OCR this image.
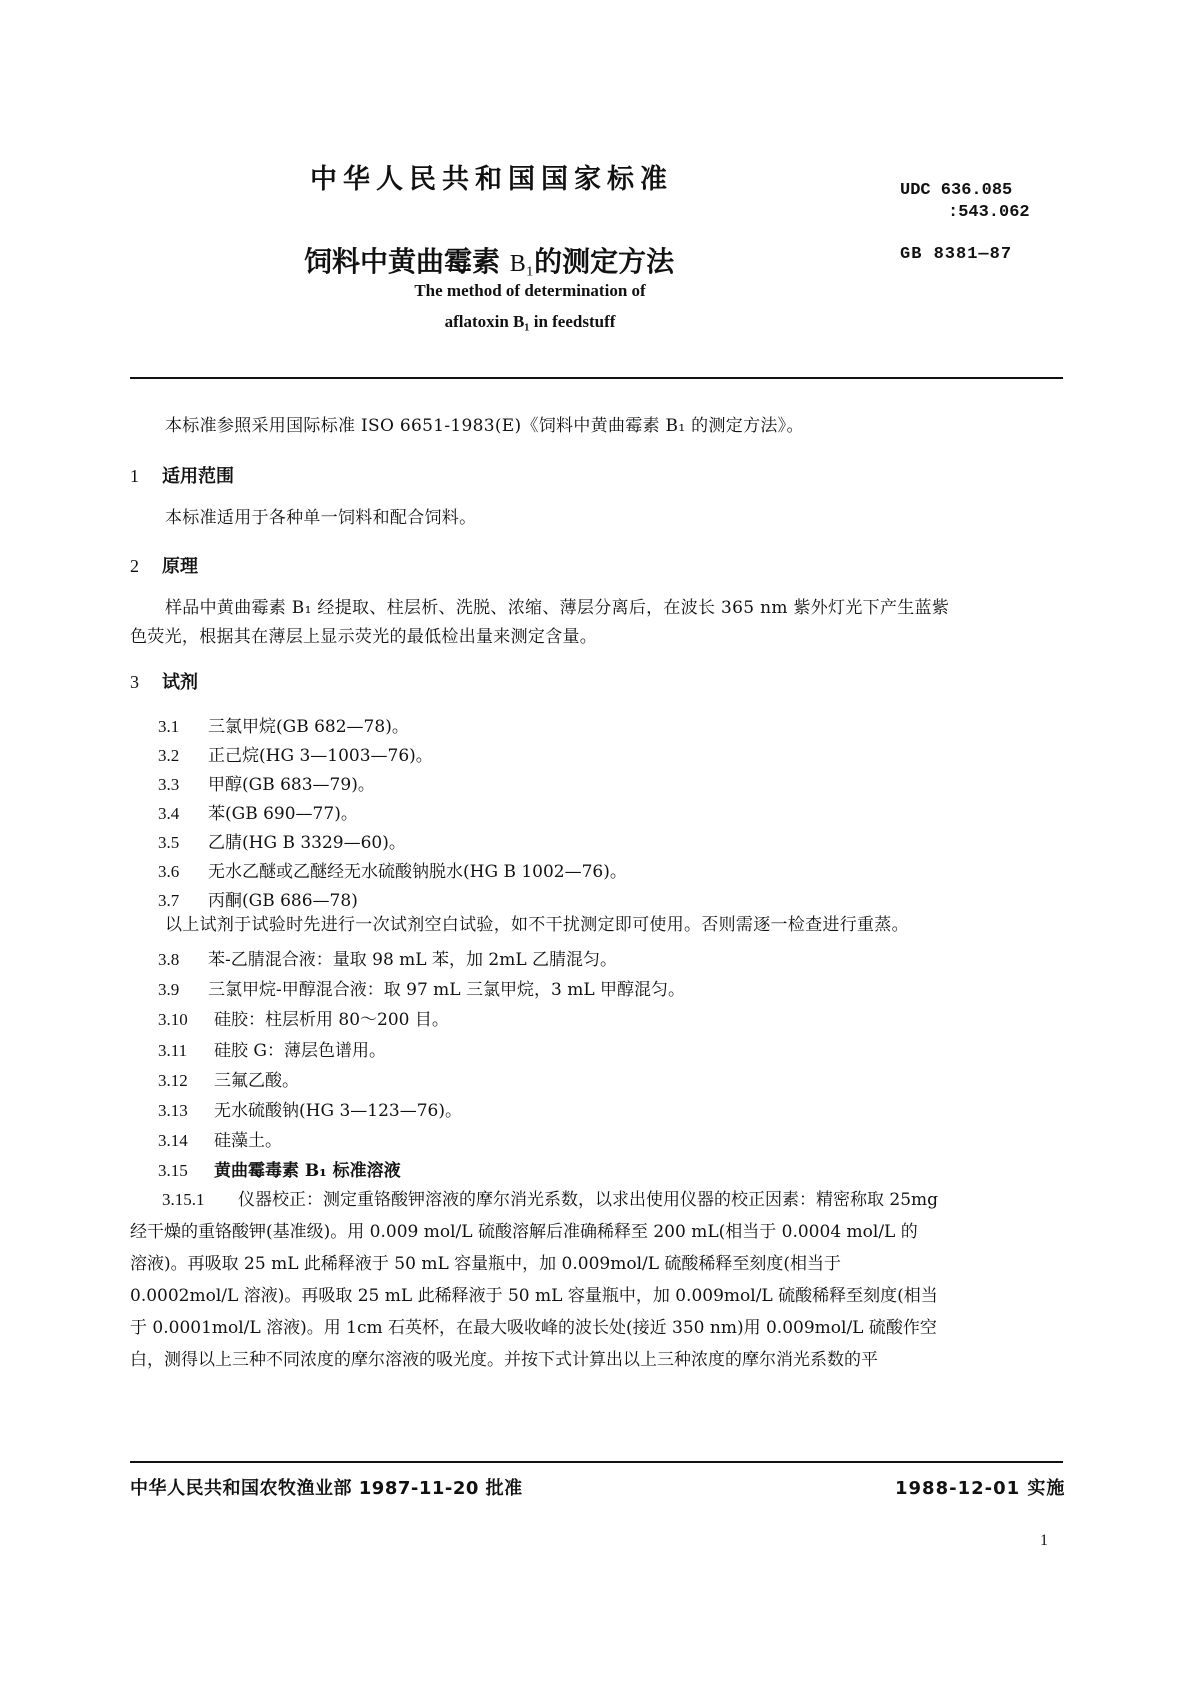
中华人民共和国国家标准	UDC 636.085
:543.062
饲料中黄曲霉素 B₁的测定方法	GB 8381—87
The method of determination of
aflatoxin B₁ in feedstuff
本标准参照采用国际标准 ISO 6651-1983(E)《饲料中黄曲霉素 B₁ 的测定方法》。
1 适用范围
本标准适用于各种单一饲料和配合饲料。
2 原理
样品中黄曲霉素 B₁ 经提取、柱层析、洗脱、浓缩、薄层分离后，在波长 365 nm 紫外灯光下产生蓝紫
色荧光，根据其在薄层上显示荧光的最低检出量来测定含量。
3 试剂
3.1 三氯甲烷(GB 682—78)。
3.2 正己烷(HG 3—1003—76)。
3.3 甲醇(GB 683—79)。
3.4 苯(GB 690—77)。
3.5 乙腈(HG B 3329—60)。
3.6 无水乙醚或乙醚经无水硫酸钠脱水(HG B 1002—76)。
3.7 丙酮(GB 686—78)
以上试剂于试验时先进行一次试剂空白试验，如不干扰测定即可使用。否则需逐一检查进行重蒸。
3.8 苯-乙腈混合液：量取 98 mL 苯，加 2mL 乙腈混匀。
3.9 三氯甲烷-甲醇混合液：取 97 mL 三氯甲烷，3 mL 甲醇混匀。
3.10 硅胶：柱层析用 80～200 目。
3.11 硅胶 G：薄层色谱用。
3.12 三氟乙酸。
3.13 无水硫酸钠(HG 3—123—76)。
3.14 硅藻土。
3.15 黄曲霉毒素 B₁ 标准溶液
3.15.1 仪器校正：测定重铬酸钾溶液的摩尔消光系数，以求出使用仪器的校正因素：精密称取 25mg
经干燥的重铬酸钾(基准级)。用 0.009 mol/L 硫酸溶解后准确稀释至 200 mL(相当于 0.0004 mol/L 的
溶液)。再吸取 25 mL 此稀释液于 50 mL 容量瓶中，加 0.009mol/L 硫酸稀释至刻度(相当于
0.0002mol/L 溶液)。再吸取 25 mL 此稀释液于 50 mL 容量瓶中，加 0.009mol/L 硫酸稀释至刻度(相当
于 0.0001mol/L 溶液)。用 1cm 石英杯，在最大吸收峰的波长处(接近 350 nm)用 0.009mol/L 硫酸作空
白，测得以上三种不同浓度的摩尔溶液的吸光度。并按下式计算出以上三种浓度的摩尔消光系数的平
中华人民共和国农牧渔业部 1987-11-20 批准	1988-12-01 实施
1
